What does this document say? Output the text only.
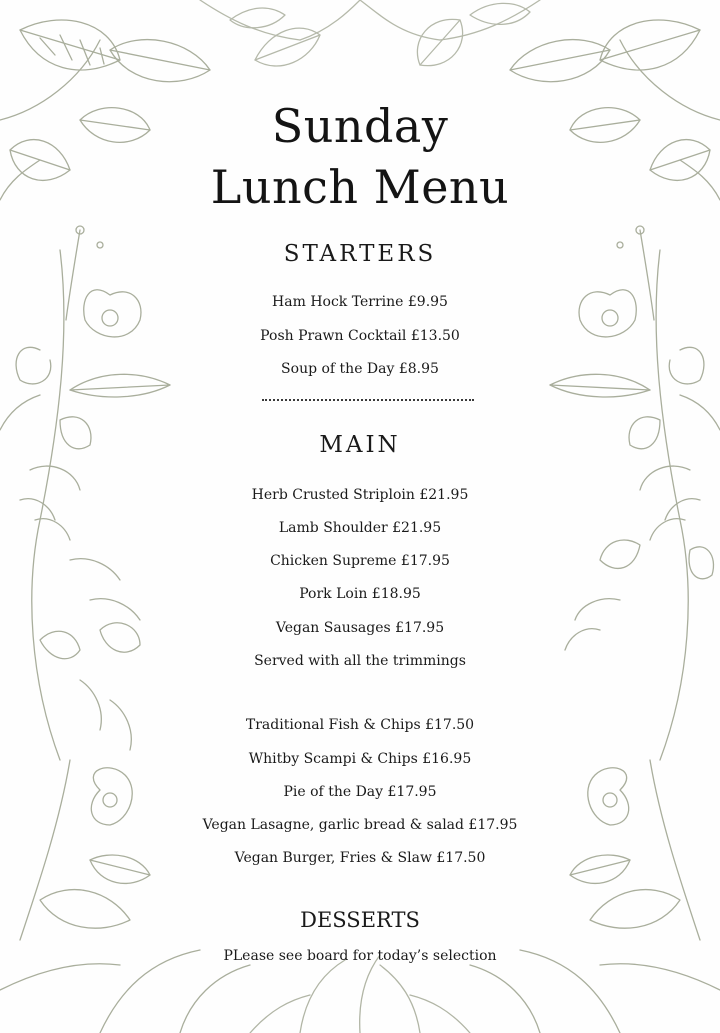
Sunday
Lunch Menu
STARTERS
Ham Hock Terrine £9.95
Posh Prawn Cocktail £13.50
Soup of the Day £8.95
MAIN
Herb Crusted Striploin £21.95
Lamb Shoulder £21.95
Chicken Supreme £17.95
Pork Loin £18.95
Vegan Sausages £17.95
Served with all the trimmings
Traditional Fish & Chips £17.50
Whitby Scampi & Chips £16.95
Pie of the Day £17.95
Vegan Lasagne, garlic bread & salad £17.95
Vegan Burger, Fries & Slaw £17.50
DESSERTS
PLease see board for today’s selection
